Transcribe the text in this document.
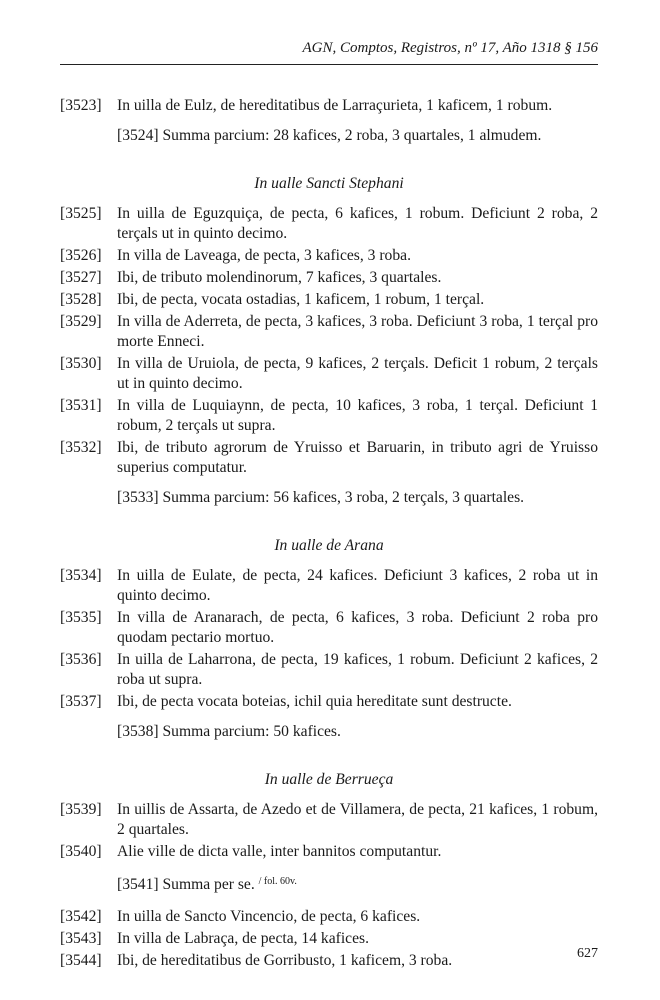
AGN, Comptos, Registros, nº 17, Año 1318 § 156
[3523] In uilla de Eulz, de hereditatibus de Larraçurieta, 1 kaficem, 1 robum.
[3524] Summa parcium: 28 kafices, 2 roba, 3 quartales, 1 almudem.
In ualle Sancti Stephani
[3525] In uilla de Eguzquiça, de pecta, 6 kafices, 1 robum. Deficiunt 2 roba, 2 terçals ut in quinto decimo.
[3526] In villa de Laveaga, de pecta, 3 kafices, 3 roba.
[3527] Ibi, de tributo molendinorum, 7 kafices, 3 quartales.
[3528] Ibi, de pecta, vocata ostadias, 1 kaficem, 1 robum, 1 terçal.
[3529] In villa de Aderreta, de pecta, 3 kafices, 3 roba. Deficiunt 3 roba, 1 terçal pro morte Enneci.
[3530] In villa de Uruiola, de pecta, 9 kafices, 2 terçals. Deficit 1 robum, 2 terçals ut in quinto decimo.
[3531] In villa de Luquiaynn, de pecta, 10 kafices, 3 roba, 1 terçal. Deficiunt 1 robum, 2 terçals ut supra.
[3532] Ibi, de tributo agrorum de Yruisso et Baruarin, in tributo agri de Yruisso superius computatur.
[3533] Summa parcium: 56 kafices, 3 roba, 2 terçals, 3 quartales.
In ualle de Arana
[3534] In uilla de Eulate, de pecta, 24 kafices. Deficiunt 3 kafices, 2 roba ut in quinto decimo.
[3535] In villa de Aranarach, de pecta, 6 kafices, 3 roba. Deficiunt 2 roba pro quodam pectario mortuo.
[3536] In uilla de Laharrona, de pecta, 19 kafices, 1 robum. Deficiunt 2 kafices, 2 roba ut supra.
[3537] Ibi, de pecta vocata boteias, ichil quia hereditate sunt destructe.
[3538] Summa parcium: 50 kafices.
In ualle de Berrueça
[3539] In uillis de Assarta, de Azedo et de Villamera, de pecta, 21 kafices, 1 robum, 2 quartales.
[3540] Alie ville de dicta valle, inter bannitos computantur.
[3541] Summa per se. $^{/ fol. 60v.}$
[3542] In uilla de Sancto Vincencio, de pecta, 6 kafices.
[3543] In villa de Labraça, de pecta, 14 kafices.
[3544] Ibi, de hereditatibus de Gorribusto, 1 kaficem, 3 roba.	627
